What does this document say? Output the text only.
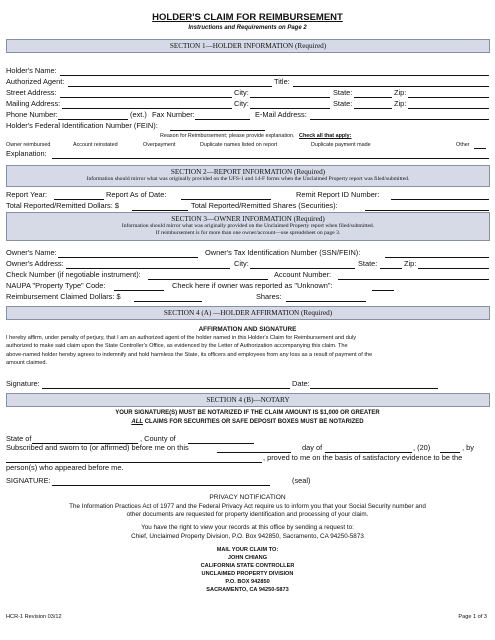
HOLDER'S CLAIM FOR REIMBURSEMENT
Instructions and Requirements on Page 2
SECTION 1—HOLDER INFORMATION (Required)
Holder's Name:
Authorized Agent:	Title:
Street Address:	City:	State:	Zip:
Mailing Address:	City:	State:	Zip:
Phone Number:	(ext.) Fax Number:	E-Mail Address:
Holder's Federal Identification Number (FEIN):
Reason for Reimbursement; please provide explanation. Check all that apply:
Owner reimbursed	Account reinstated	Overpayment	Duplicate names listed on report	Duplicate payment made	Other
Explanation:
SECTION 2—REPORT INFORMATION (Required)
Information should mirror what was originally provided on the UFS-1 and 14-F forms when the Unclaimed Property report was filed/submitted.
Report Year:	Report As of Date:	Remit Report ID Number:
Total Reported/Remitted Dollars: $	Total Reported/Remitted Shares (Securities):
SECTION 3—OWNER INFORMATION (Required)
Information should mirror what was originally provided on the Unclaimed Property report when filed/submitted.
If reimbursement is for more than one owner/account—use spreadsheet on page 3.
Owner's Name:	Owner's Tax Identification Number (SSN/FEIN):
Owner's Address:	City:	State:	Zip:
Check Number (if negotiable instrument):	Account Number:
NAUPA "Property Type" Code:	Check here if owner was reported as "Unknown":
Reimbursement Claimed Dollars: $	Shares:
SECTION 4 (A) —HOLDER AFFIRMATION (Required)
AFFIRMATION AND SIGNATURE
I hereby affirm, under penalty of perjury, that I am an authorized agent of the holder named in this Holder's Claim for Reimbursement and duly
authorized to make said claim upon the State Controller's Office, as evidenced by the Letter of Authorization accompanying this claim. The
above-named holder hereby agrees to indemnify and hold harmless the State, its officers and employees from any loss as a result of payment of the
amount claimed.
Signature:	Date:
SECTION 4 (B)—NOTARY
YOUR SIGNATURE(S) MUST BE NOTARIZED IF THE CLAIM AMOUNT IS $1,000 OR GREATER
ALL CLAIMS FOR SECURITIES OR SAFE DEPOSIT BOXES MUST BE NOTARIZED
State of	, County of
Subscribed and sworn to (or affirmed) before me on this	day of	, (20)	, by
, proved to me on the basis of satisfactory evidence to be the
person(s) who appeared before me.
SIGNATURE:	(seal)
PRIVACY NOTIFICATION
The Information Practices Act of 1977 and the Federal Privacy Act require us to inform you that your Social Security number and
other documents are requested for property identification and processing of your claim.
You have the right to view your records at this office by sending a request to:
Chief, Unclaimed Property Division, P.O. Box 942850, Sacramento, CA 94250-5873
MAIL YOUR CLAIM TO:
JOHN CHIANG
CALIFORNIA STATE CONTROLLER
UNCLAIMED PROPERTY DIVISION
P.O. BOX 942850
SACRAMENTO, CA 94250-5873
HCR-1 Revision 03/12	Page 1 of 3
